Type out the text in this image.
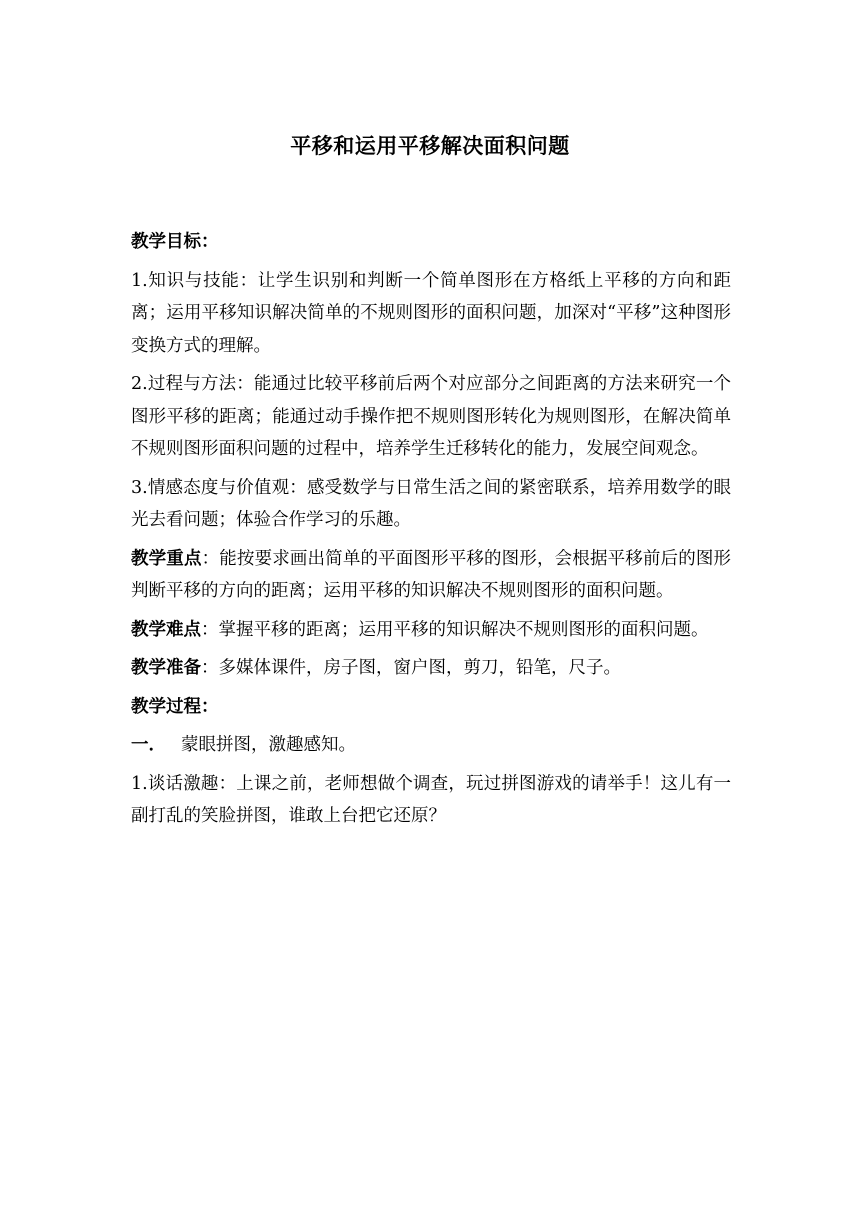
平移和运用平移解决面积问题

教学目标：

1.知识与技能：让学生识别和判断一个简单图形在方格纸上平移的方向和距离；运用平移知识解决简单的不规则图形的面积问题，加深对“平移”这种图形变换方式的理解。

2.过程与方法：能通过比较平移前后两个对应部分之间距离的方法来研究一个图形平移的距离；能通过动手操作把不规则图形转化为规则图形，在解决简单不规则图形面积问题的过程中，培养学生迁移转化的能力，发展空间观念。

3.情感态度与价值观：感受数学与日常生活之间的紧密联系，培养用数学的眼光去看问题；体验合作学习的乐趣。

教学重点：能按要求画出简单的平面图形平移的图形，会根据平移前后的图形判断平移的方向的距离；运用平移的知识解决不规则图形的面积问题。

教学难点：掌握平移的距离；运用平移的知识解决不规则图形的面积问题。

教学准备：多媒体课件，房子图，窗户图，剪刀，铅笔，尺子。

教学过程：

一． 蒙眼拼图，激趣感知。

1.谈话激趣：上课之前，老师想做个调查，玩过拼图游戏的请举手！这儿有一副打乱的笑脸拼图，谁敢上台把它还原？
